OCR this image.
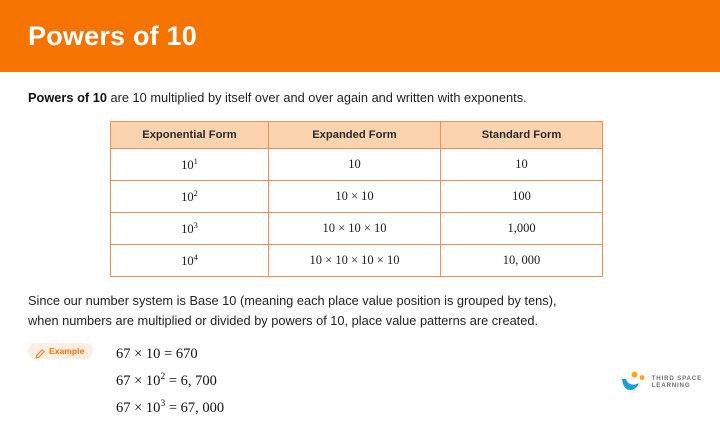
Powers of 10
Powers of 10 are 10 multiplied by itself over and over again and written with exponents.
Exponential Form	Expanded Form	Standard Form
$10^1$	10	10
$10^2$	10 × 10	100
$10^3$	10 × 10 × 10	1,000
$10^4$	10 × 10 × 10 × 10	10, 000
Since our number system is Base 10 (meaning each place value position is grouped by tens),
when numbers are multiplied or divided by powers of 10, place value patterns are created.
Example 67 × 10 = 670
$67 \times 10^2 = 6$, 700
$67 \times 10^3 = 67$, 000
THIRD SPACE
LEARNING
